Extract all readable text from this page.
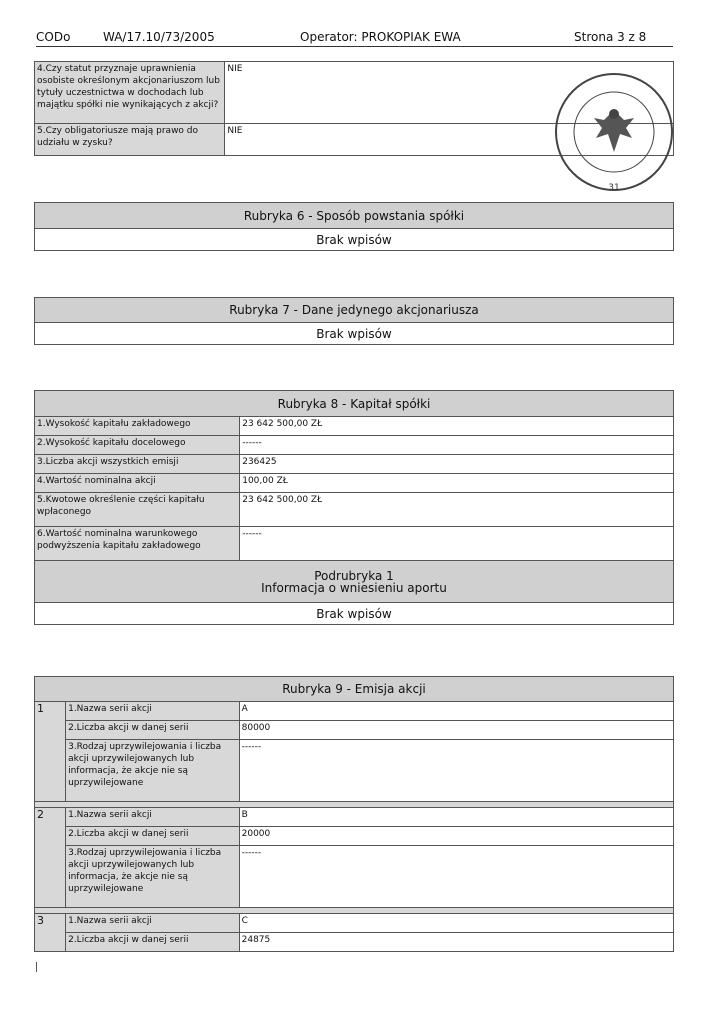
CODo	WA/17.10/73/2005	Operator: PROKOPIAK EWA	Strona 3 z 8
4.Czy statut przyznaje uprawnienia osobiste określonym akcjonariuszom lub tytuły uczestnictwa w dochodach lub majątku spółki nie wynikających z akcji?	NIE
5.Czy obligatoriusze mają prawo do udziału w zysku?	NIE
31
Rubryka 6 - Sposób powstania spółki
Brak wpisów
Rubryka 7 - Dane jedynego akcjonariusza
Brak wpisów
Rubryka 8 - Kapitał spółki	
1.Wysokość kapitału zakładowego	23 642 500,00 ZŁ
2.Wysokość kapitału docelowego	------
3.Liczba akcji wszystkich emisji	236425
4.Wartość nominalna akcji	100,00 ZŁ
5.Kwotowe określenie części kapitału wpłaconego	23 642 500,00 ZŁ
6.Wartość nominalna warunkowego podwyższenia kapitału zakładowego	------

Podrubryka 1
Informacja o wniesieniu aportu	

Brak wpisów	
Rubryka 9 - Emisja akcji		
1	1.Nazwa serii akcji	A
	2.Liczba akcji w danej serii	80000
	3.Rodzaj uprzywilejowania i liczba akcji uprzywilejowanych lub informacja, że akcje nie są uprzywilejowane	------

2	1.Nazwa serii akcji	B
	2.Liczba akcji w danej serii	20000
	3.Rodzaj uprzywilejowania i liczba akcji uprzywilejowanych lub informacja, że akcje nie są uprzywilejowane	------

3	1.Nazwa serii akcji	C
	2.Liczba akcji w danej serii	24875
